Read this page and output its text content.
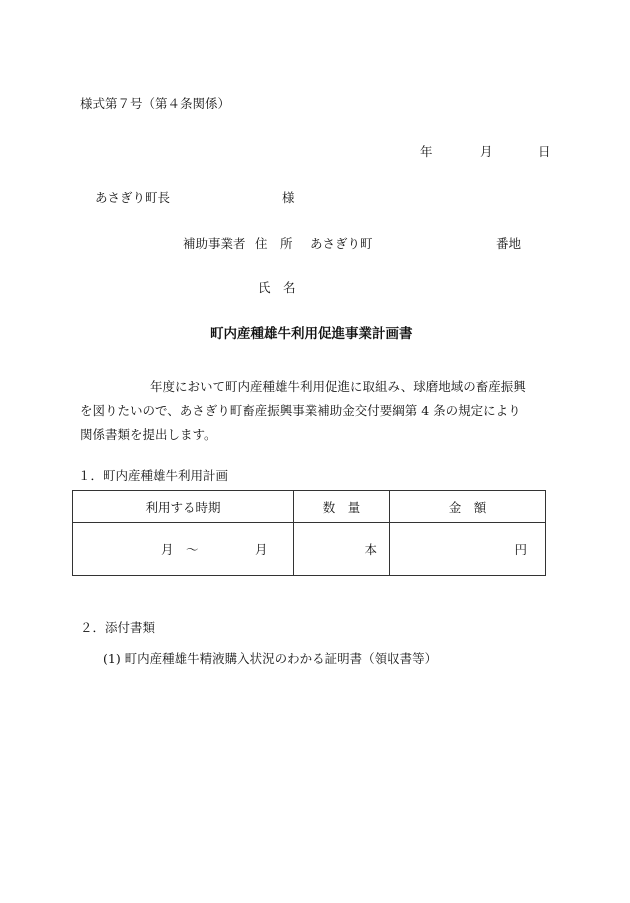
様式第７号（第４条関係）
年	月	日
あさぎり町長	様
補助事業者 住　所 あさぎり町	番地
氏　名
町内産種雄牛利用促進事業計画書

年度において町内産種雄牛利用促進に取組み、球磨地域の畜産振興

を図りたいので、あさぎり町畜産振興事業補助金交付要綱第 4 条の規定により

関係書類を提出します。

１．町内産種雄牛利用計画
利用する時期	数　量	金　額

月 ～ 月	本	円
２．添付書類
(1) 町内産種雄牛精液購入状況のわかる証明書（領収書等）
